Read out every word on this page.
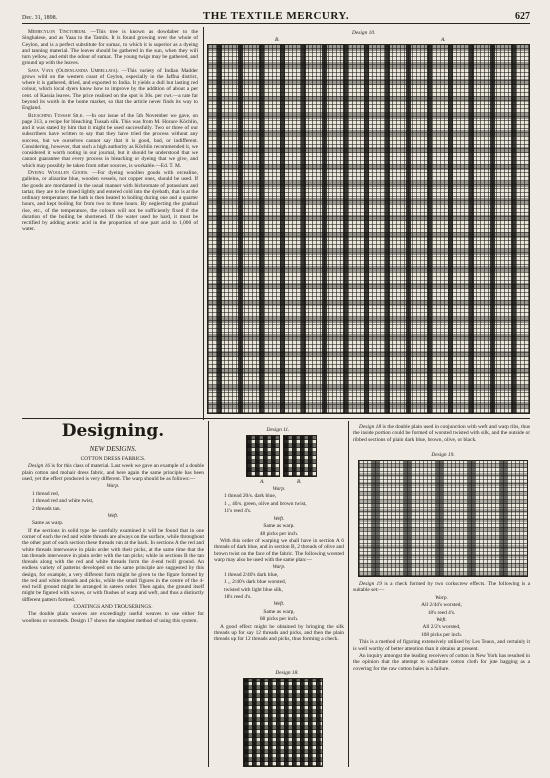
Dec. 31, 1898.	THE TEXTILE MERCURY.	627

Memecylon Tinctorium. —This tree is known as dowdaber to the Singhalese, and as Yaaa to the Tamils. It is found growing over the whole of Ceylon, and is a perfect substitute for sumac, to which it is superior as a dyeing and tanning material. The leaves should be gathered in the sun, when they will turn yellow, and emit the odour of sumac. The young twigs may be gathered, and ground up with the leaves.

Saya Vaya (Oldenlandia Umbellata). —This variety of Indian Madder grows wild on the western coast of Ceylon, especially in the Jaffna district, where it is gathered, dried, and exported to India. It yields a dull but lasting red colour, which local dyers know how to improve by the addition of about a per cent. of Kassia leaves. The price realised on the spot is 30s. per cwt.—a rate far beyond its worth in the home market, so that the article never finds its way to England.

Bleaching Tussah Silk. —In our issue of the 5th November we gave, on page 313, a recipe for bleaching Tussah silk. This was from M. Horace Köchlin, and it was stated by him that it might be used successfully. Two or three of our subscribers have written to say that they have tried the process without any success, but we ourselves cannot say that it is good, bad, or indifferent. Considering, however, that such a high authority as Köchlin recommended it, we considered it worth noting in our journal, but it should be understood that we cannot guarantee that every process in bleaching or dyeing that we give, and which may possibly be taken from other sources, is workable.—Ed. T. M.

Dyeing Woollen Goods. —For dyeing woollen goods with orcealine, galleins, or alizarine blue, wooden vessels, not copper ones, should be used. If the goods are mordanted in the usual manner with bichromate of potassium and tartar, they are to be rinsed lightly and entered cold into the dyebath, that is at the ordinary temperature; the bath is then heated to boiling during one and a quarter hours, and kept boiling for from two to three hours. By neglecting the gradual rise, etc., of the temperature, the colours will not be sufficiently fixed if the duration of the boiling be shortened. If the water used be hard, it must be rectified by adding acetic acid in the proportion of one part acid to 1,000 of water.

Design 10.
B.	A.
Designing.

NEW DESIGNS.

COTTON DRESS FABRICS.

Design 16 is for this class of material. Last week we gave an example of a double plain cotton and mohair dress fabric, and here again the same principle has been used, yet the effect produced is very different. The warp should be as follows:—

Warp.

1 thread red,

1 thread red and white twist,

2 threads tan.

Weft.

Same as warp.

If the sections in solid type be carefully examined it will be found that in one corner of each the red and white threads are always on the surface, while throughout the other part of each section these threads run at the back. In sections A the red and white threads interweave in plain order with their picks, at the same time that the tan threads interweave in plain order with the tan picks; while in sections B the tan threads along with the red and white threads form the 4-end twill ground. An endless variety of patterns developed on the same principle are suggested by this design, for example, a very different form might be given to the figure formed by the red and white threads and picks, while the small figures in the centre of the 4-end twill ground might be arranged in sateen order. Then again, the ground itself might be figured with waves, or with flushes of warp and weft, and thus a distinctly different pattern formed.

COATINGS AND TROUSERINGS.

The double plain weaves are exceedingly useful weaves to use either for woollens or worsteds. Design 17 shows the simplest method of using this system.

Design 11.
A.	B.

Warp.

1 thread 20/s. dark blue,

1 ,, 40/s. green, olive and brown twist,

11's reed 4's.

Weft.

Same as warp.

48 picks per inch.

With this order of warping we shall have in section A 6 threads of dark blue, and in section B, 2 threads of olive and brown twist on the face of the fabric. The following worsted warp may also be used with the same plan:—

Warp.

1 thread 2/40's dark blue,

1 ,, 2/40's dark blue worsted,

twisted with light blue silk,

18's reed 4's.

Weft.

Same as warp,

68 picks per inch.

A good effect might be obtained by bringing the silk threads up for say 12 threads and picks, and then the plain threads up for 12 threads and picks, thus forming a check.

Design 18.

Design 18 is the double plain used in conjunction with weft and warp ribs, thus the inside portion could be formed of worsted twisted with silk, and the outside or ribbed sections of plain dark blue, brown, olive, or black.

Design 19.

Design 19 is a check formed by two corkscrew effects. The following is a suitable set:—

Warp.

All 2/44's worsted,

18's reed 4's.

Weft.

All 2/2's worsted,

108 picks per inch.

This is a method of figuring extensively utilised by Les Teaux, and certainly it is well worthy of better attention than it obtains at present.

An inquiry amongst the leading receivers of cotton in New York has resulted in the opinion that the attempt to substitute cotton cloth for jute bagging as a covering for the raw cotton bales is a failure.
